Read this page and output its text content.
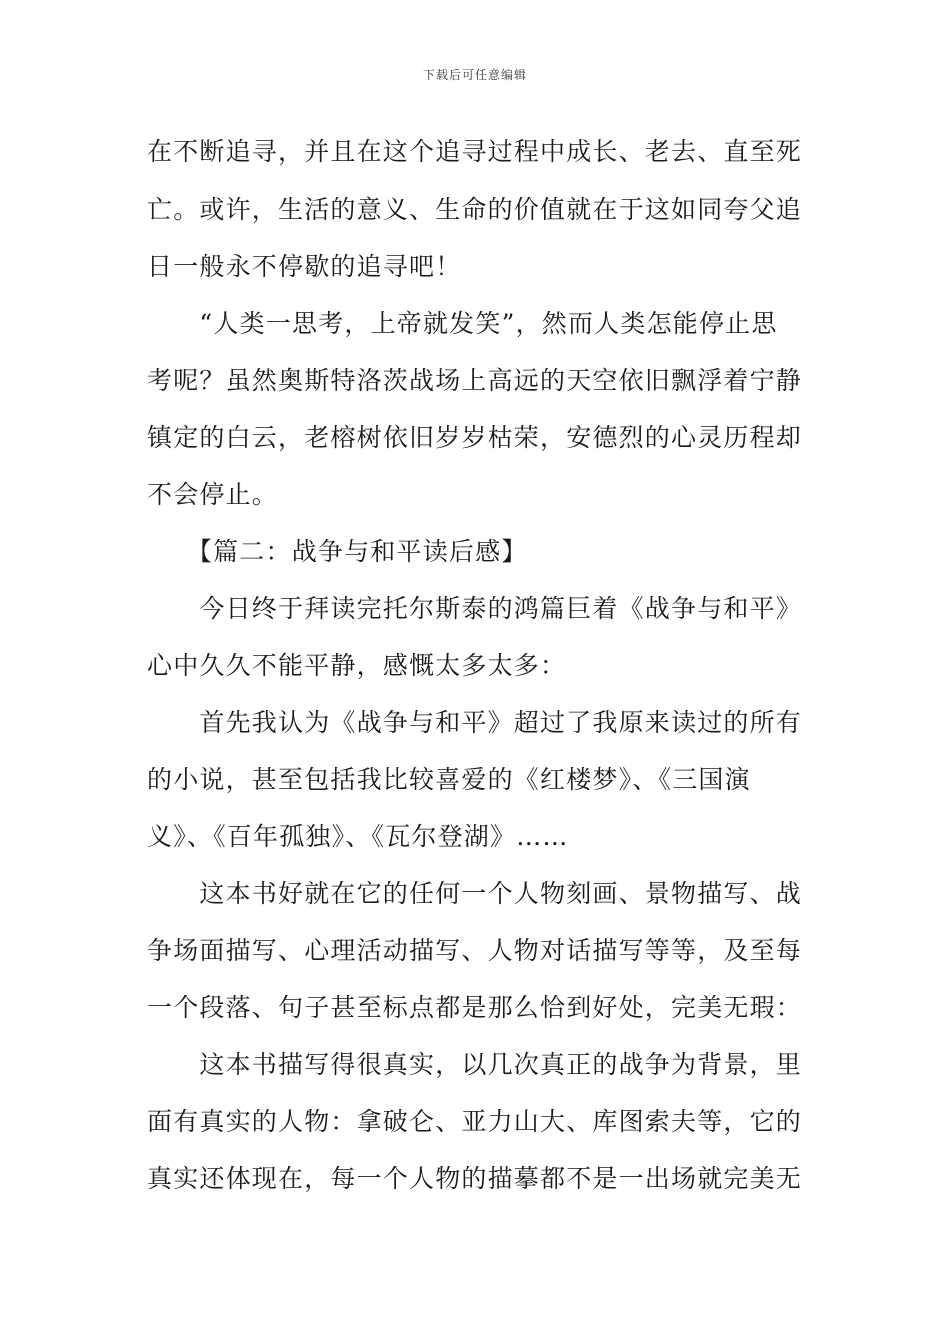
下载后可任意编辑
在不断追寻，并且在这个追寻过程中成长、老去、直至死
亡。或许，生活的意义、生命的价值就在于这如同夸父追
日一般永不停歇的追寻吧！
　　“人类一思考，上帝就发笑”，然而人类怎能停止思
考呢？虽然奥斯特洛茨战场上高远的天空依旧飘浮着宁静
镇定的白云，老榕树依旧岁岁枯荣，安德烈的心灵历程却
不会停止。
　　【篇二：战争与和平读后感】
　　今日终于拜读完托尔斯泰的鸿篇巨着《战争与和平》
心中久久不能平静，感慨太多太多：
　　首先我认为《战争与和平》超过了我原来读过的所有
的小说，甚至包括我比较喜爱的《红楼梦》、《三国演
义》、《百年孤独》、《瓦尔登湖》……
　　这本书好就在它的任何一个人物刻画、景物描写、战
争场面描写、心理活动描写、人物对话描写等等，及至每
一个段落、句子甚至标点都是那么恰到好处，完美无瑕：
　　这本书描写得很真实，以几次真正的战争为背景，里
面有真实的人物：拿破仑、亚力山大、库图索夫等，它的
真实还体现在，每一个人物的描摹都不是一出场就完美无
